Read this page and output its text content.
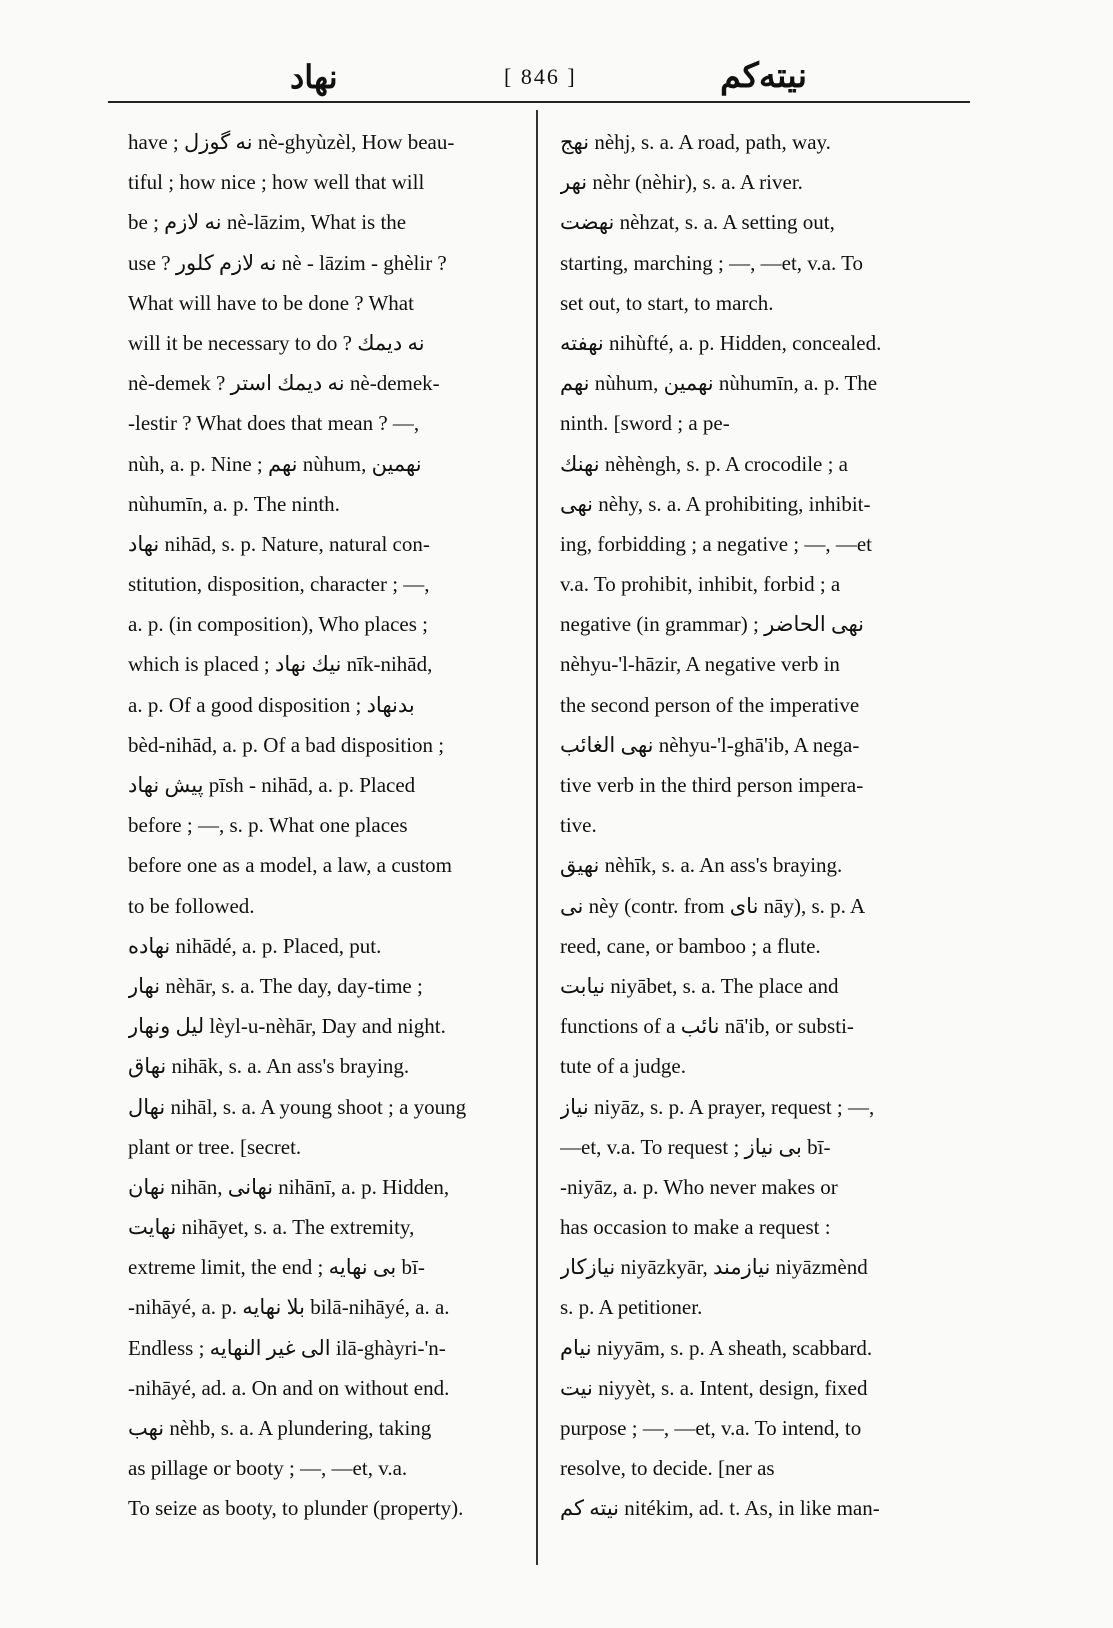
نهاد	[ 846 ]	نيته‌كم
have ; نه گوزل nè-ghyùzèl, How beau-
tiful ; how nice ; how well that will
be ; نه لازم nè-lāzim, What is the
use ? نه لازم كلور nè - lāzim - ghèlir ?
What will have to be done ? What
will it be necessary to do ? نه دیمك
nè-demek ? نه دیمك استر nè-demek-
-lestir ? What does that mean ? —,
nùh, a. p. Nine ; نهم nùhum, نهمين
nùhumīn, a. p. The ninth.
نهاد nihād, s. p. Nature, natural con-
stitution, disposition, character ; —,
a. p. (in composition), Who places ;
which is placed ; نیك نهاد nīk-nihād,
a. p. Of a good disposition ; بدنهاد
bèd-nihād, a. p. Of a bad disposition ;
پیش نهاد pīsh - nihād, a. p. Placed
before ; —, s. p. What one places
before one as a model, a law, a custom
to be followed.
نهاده nihādé, a. p. Placed, put.
نهار nèhār, s. a. The day, day-time ;
لیل ونهار lèyl-u-nèhār, Day and night.
نهاق nihāk, s. a. An ass's braying.
نهال nihāl, s. a. A young shoot ; a young
plant or tree. [secret.
نهان nihān, نهانی nihānī, a. p. Hidden,
نهایت nihāyet, s. a. The extremity,
extreme limit, the end ; بی نهایه bī-
-nihāyé, a. p. بلا نهایه bilā-nihāyé, a. a.
Endless ; الی غیر النهایه ilā-ghàyri-'n-
-nihāyé, ad. a. On and on without end.
نهب nèhb, s. a. A plundering, taking
as pillage or booty ; —, —et, v.a.
To seize as booty, to plunder (property).
نهج nèhj, s. a. A road, path, way.
نهر nèhr (nèhir), s. a. A river.
نهضت nèhzat, s. a. A setting out,
starting, marching ; —, —et, v.a. To
set out, to start, to march.
نهفته nihùfté, a. p. Hidden, concealed.
نهم nùhum, نهمين nùhumīn, a. p. The
ninth. [sword ; a pe-
نهنك nèhèngh, s. p. A crocodile ; a
نهی nèhy, s. a. A prohibiting, inhibit-
ing, forbidding ; a negative ; —, —et
v.a. To prohibit, inhibit, forbid ; a
negative (in grammar) ; نهی الحاضر
nèhyu-'l-hāzir, A negative verb in
the second person of the imperative
نهی الغائب nèhyu-'l-ghā'ib, A nega-
tive verb in the third person impera-
tive.
نهیق nèhīk, s. a. An ass's braying.
نی nèy (contr. from نای nāy), s. p. A
reed, cane, or bamboo ; a flute.
نیابت niyābet, s. a. The place and
functions of a نائب nā'ib, or substi-
tute of a judge.
نیاز niyāz, s. p. A prayer, request ; —,
—et, v.a. To request ; بی نیاز bī-
-niyāz, a. p. Who never makes or
has occasion to make a request :
نیازکار niyāzkyār, نیازمند niyāzmènd
s. p. A petitioner.
نیام niyyām, s. p. A sheath, scabbard.
نیت niyyèt, s. a. Intent, design, fixed
purpose ; —, —et, v.a. To intend, to
resolve, to decide. [ner as
نیته کم nitékim, ad. t. As, in like man-
